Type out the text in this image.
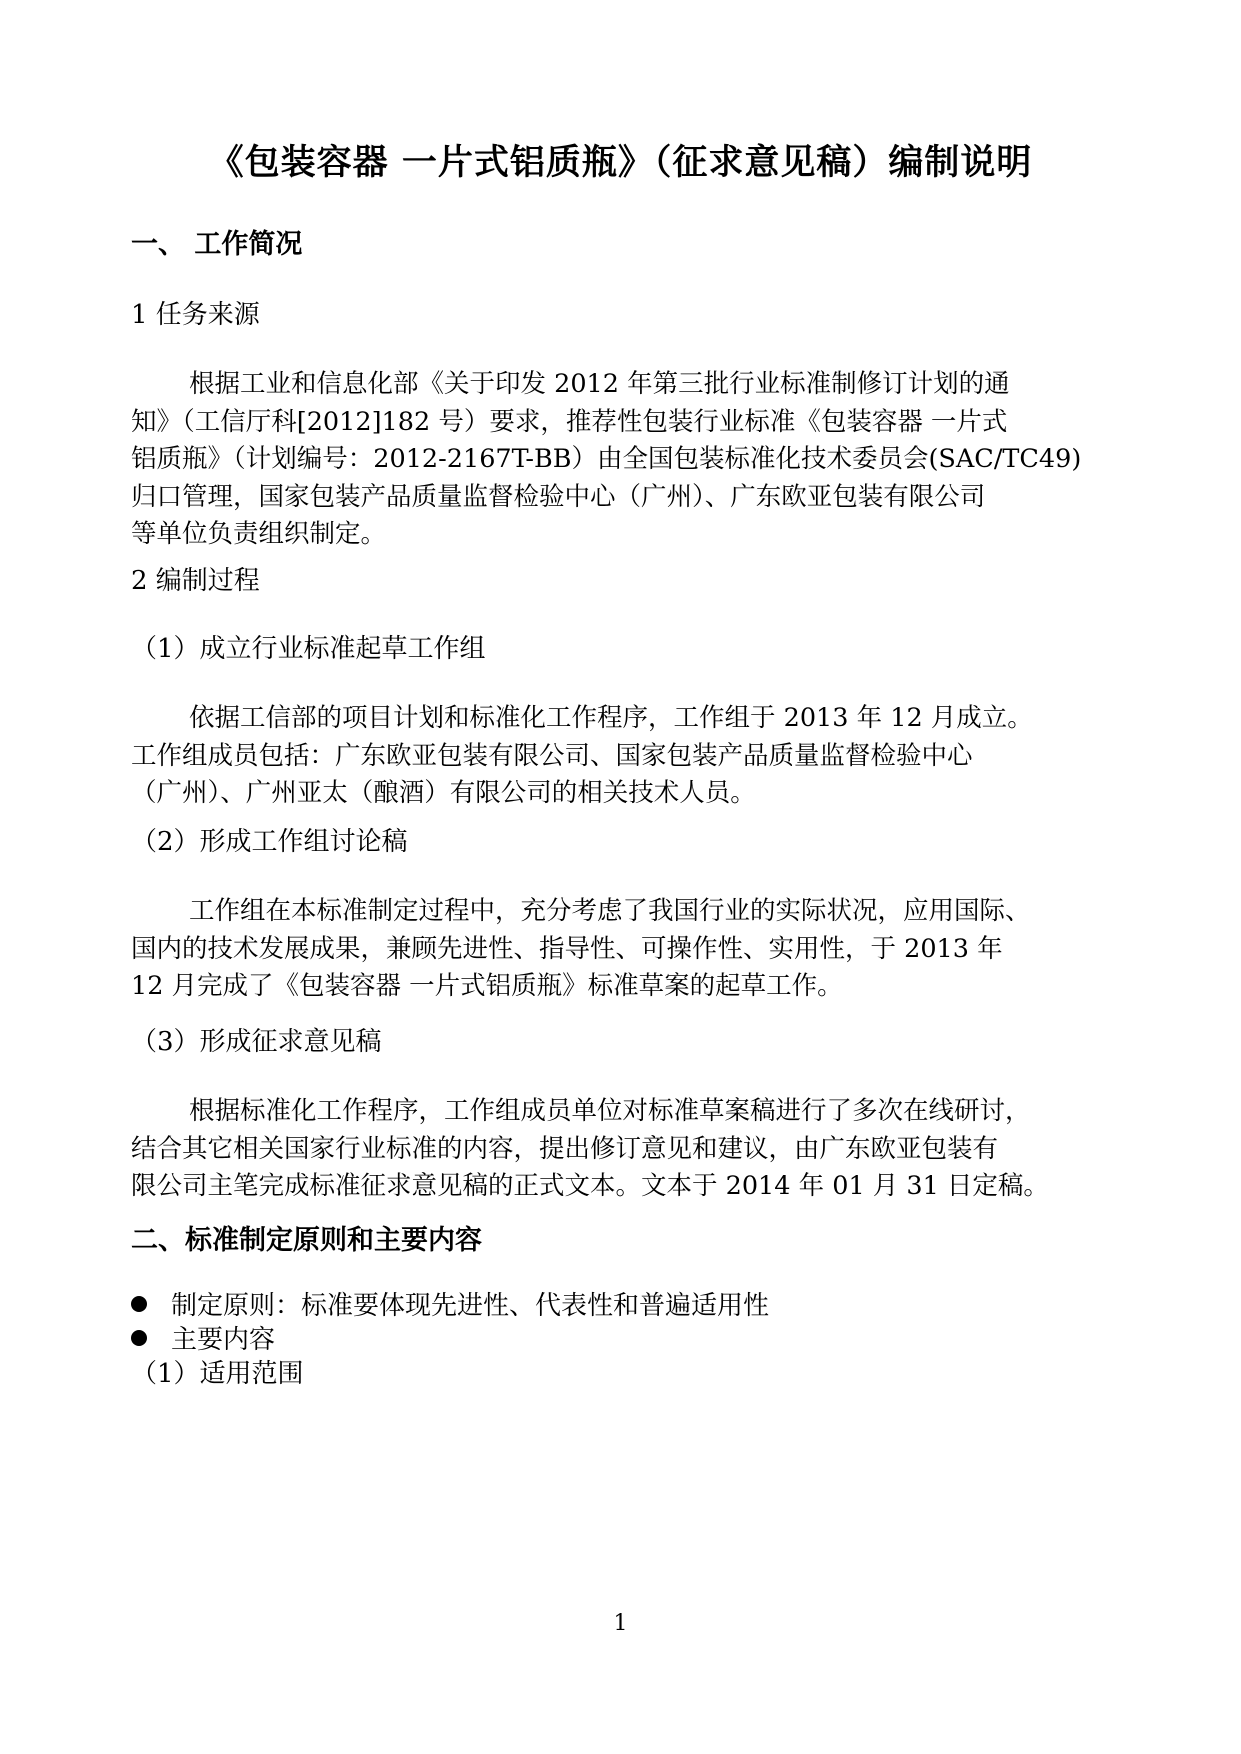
《包装容器 一片式铝质瓶》（征求意见稿）编制说明
一、 工作简况
1 任务来源
根据工业和信息化部《关于印发 2012 年第三批行业标准制修订计划的通
知》（工信厅科[2012]182 号）要求，推荐性包装行业标准《包装容器 一片式
铝质瓶》（计划编号：2012-2167T-BB）由全国包装标准化技术委员会(SAC/TC49)
归口管理，国家包装产品质量监督检验中心（广州）、广东欧亚包装有限公司
等单位负责组织制定。
2 编制过程
（1）成立行业标准起草工作组
依据工信部的项目计划和标准化工作程序，工作组于 2013 年 12 月成立。
工作组成员包括：广东欧亚包装有限公司、国家包装产品质量监督检验中心
（广州）、广州亚太（酿酒）有限公司的相关技术人员。
（2）形成工作组讨论稿
工作组在本标准制定过程中，充分考虑了我国行业的实际状况，应用国际、
国内的技术发展成果，兼顾先进性、指导性、可操作性、实用性，于 2013 年
12 月完成了《包装容器 一片式铝质瓶》标准草案的起草工作。
（3）形成征求意见稿
根据标准化工作程序，工作组成员单位对标准草案稿进行了多次在线研讨，
结合其它相关国家行业标准的内容，提出修订意见和建议，由广东欧亚包装有
限公司主笔完成标准征求意见稿的正式文本。文本于 2014 年 01 月 31 日定稿。
二、标准制定原则和主要内容
制定原则：标准要体现先进性、代表性和普遍适用性
主要内容
（1）适用范围
1
